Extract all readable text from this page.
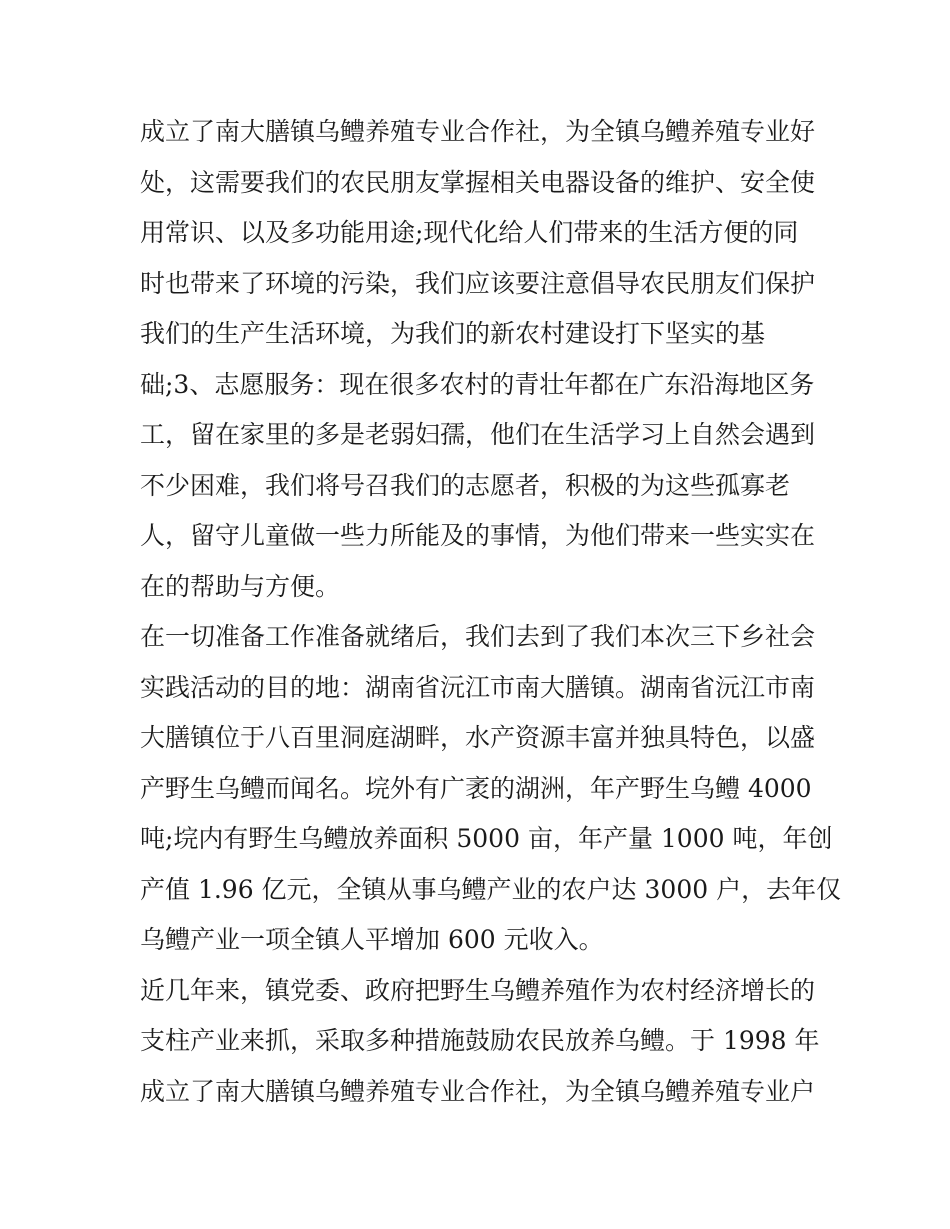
成立了南大膳镇乌鳢养殖专业合作社，为全镇乌鳢养殖专业好
处，这需要我们的农民朋友掌握相关电器设备的维护、安全使
用常识、以及多功能用途;现代化给人们带来的生活方便的同
时也带来了环境的污染，我们应该要注意倡导农民朋友们保护
我们的生产生活环境，为我们的新农村建设打下坚实的基
础;3、志愿服务：现在很多农村的青壮年都在广东沿海地区务
工，留在家里的多是老弱妇孺，他们在生活学习上自然会遇到
不少困难，我们将号召我们的志愿者，积极的为这些孤寡老
人，留守儿童做一些力所能及的事情，为他们带来一些实实在
在的帮助与方便。
在一切准备工作准备就绪后，我们去到了我们本次三下乡社会
实践活动的目的地：湖南省沅江市南大膳镇。湖南省沅江市南
大膳镇位于八百里洞庭湖畔，水产资源丰富并独具特色，以盛
产野生乌鳢而闻名。垸外有广袤的湖洲，年产野生乌鳢 4000
吨;垸内有野生乌鳢放养面积 5000 亩，年产量 1000 吨，年创
产值 1.96 亿元，全镇从事乌鳢产业的农户达 3000 户，去年仅
乌鳢产业一项全镇人平增加 600 元收入。
近几年来，镇党委、政府把野生乌鳢养殖作为农村经济增长的
支柱产业来抓，采取多种措施鼓励农民放养乌鳢。于 1998 年
成立了南大膳镇乌鳢养殖专业合作社，为全镇乌鳢养殖专业户
